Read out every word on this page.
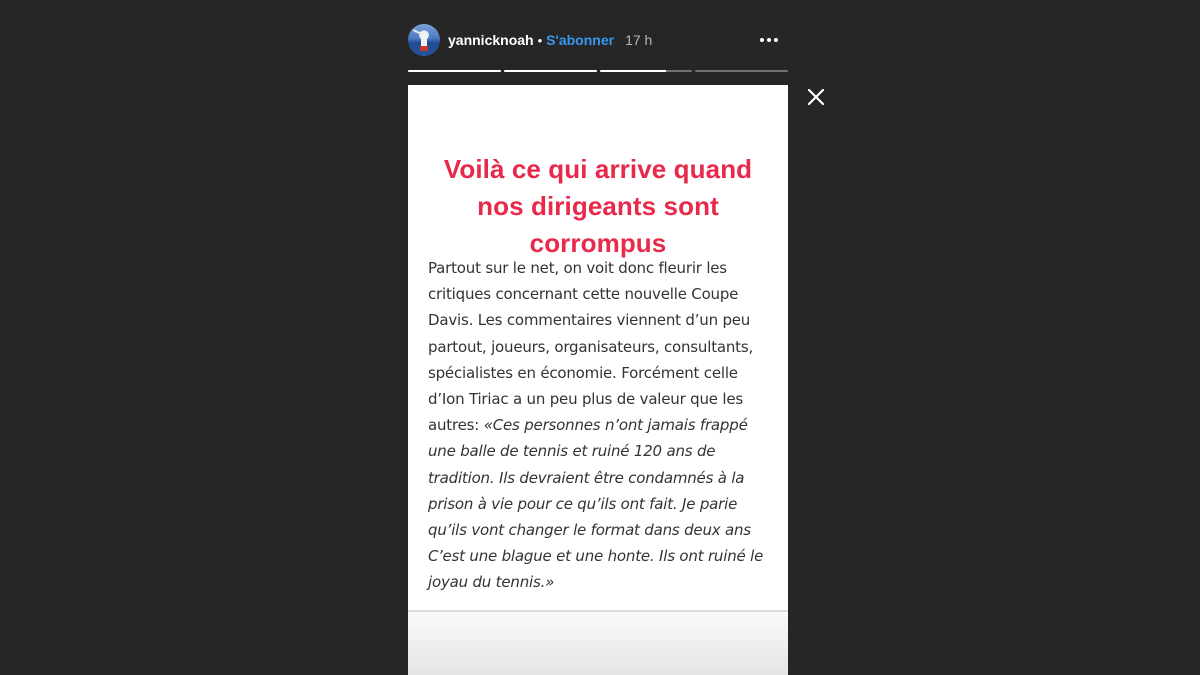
yannicknoah • S'abonner 17 h
Voilà ce qui arrive quand
nos dirigeants sont
corrompus
Partout sur le net, on voit donc fleurir les critiques concernant cette nouvelle Coupe Davis. Les commentaires viennent d’un peu partout, joueurs, organisateurs, consultants, spécialistes en économie. Forcément celle d’Ion Tiriac a un peu plus de valeur que les autres: «Ces personnes n’ont jamais frappé une balle de tennis et ruiné 120 ans de tradition. Ils devraient être condamnés à la prison à vie pour ce qu’ils ont fait. Je parie qu’ils vont changer le format dans deux ans C’est une blague et une honte. Ils ont ruiné le joyau du tennis.»
